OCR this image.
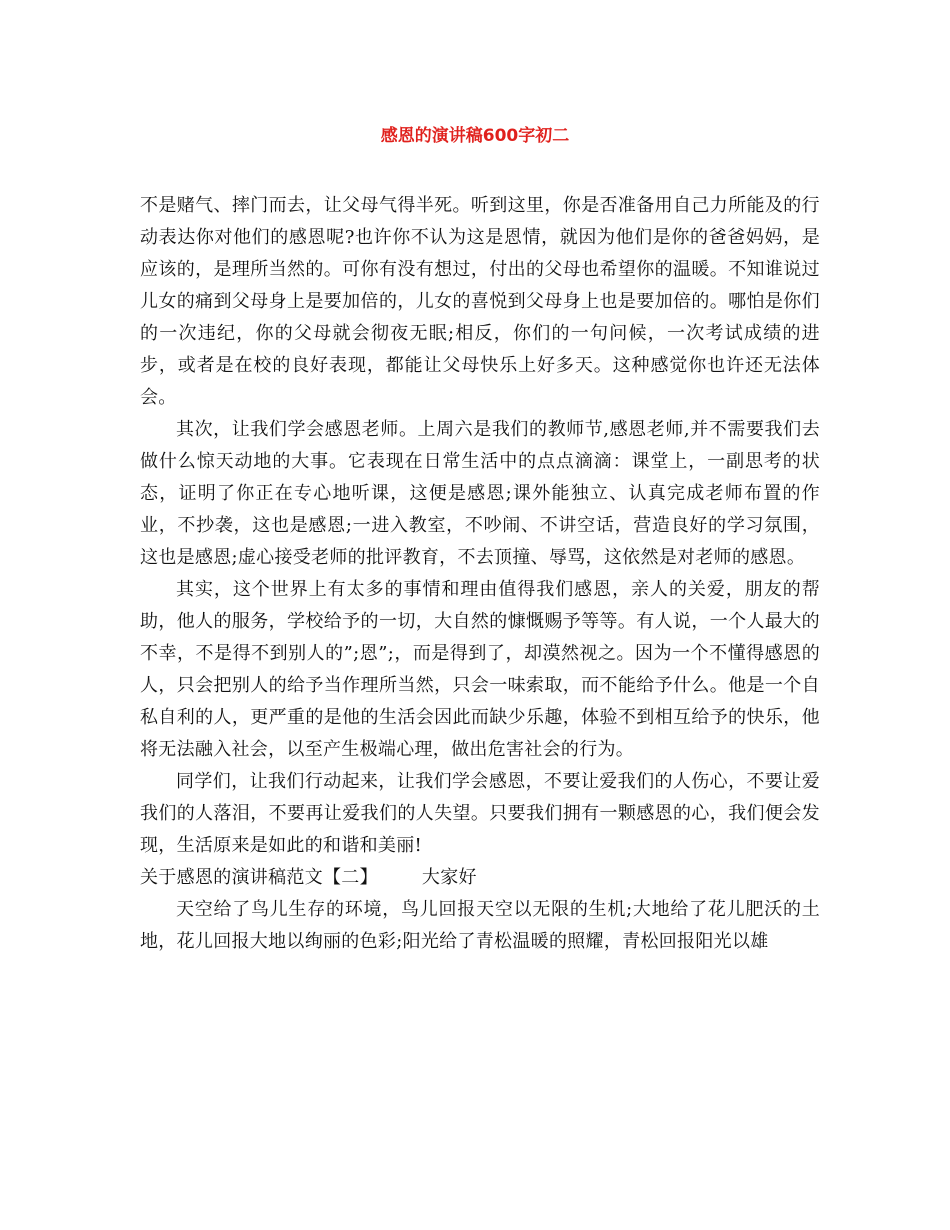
感恩的演讲稿600字初二

不是赌气、摔门而去，让父母气得半死。听到这里，你是否准备用自己力所能及的行动表达你对他们的感恩呢?也许你不认为这是恩情，就因为他们是你的爸爸妈妈，是应该的，是理所当然的。可你有没有想过，付出的父母也希望你的温暖。不知谁说过儿女的痛到父母身上是要加倍的，儿女的喜悦到父母身上也是要加倍的。哪怕是你们的一次违纪，你的父母就会彻夜无眠;相反，你们的一句问候，一次考试成绩的进步，或者是在校的良好表现，都能让父母快乐上好多天。这种感觉你也许还无法体会。

其次，让我们学会感恩老师。上周六是我们的教师节,感恩老师,并不需要我们去做什么惊天动地的大事。它表现在日常生活中的点点滴滴：课堂上，一副思考的状态，证明了你正在专心地听课，这便是感恩;课外能独立、认真完成老师布置的作业，不抄袭，这也是感恩;一进入教室，不吵闹、不讲空话，营造良好的学习氛围，这也是感恩;虚心接受老师的批评教育，不去顶撞、辱骂，这依然是对老师的感恩。

其实，这个世界上有太多的事情和理由值得我们感恩，亲人的关爱，朋友的帮助，他人的服务，学校给予的一切，大自然的慷慨赐予等等。有人说，一个人最大的不幸，不是得不到别人的”;恩”;，而是得到了，却漠然视之。因为一个不懂得感恩的人，只会把别人的给予当作理所当然，只会一味索取，而不能给予什么。他是一个自私自利的人，更严重的是他的生活会因此而缺少乐趣，体验不到相互给予的快乐，他将无法融入社会，以至产生极端心理，做出危害社会的行为。

同学们，让我们行动起来，让我们学会感恩，不要让爱我们的人伤心，不要让爱我们的人落泪，不要再让爱我们的人失望。只要我们拥有一颗感恩的心，我们便会发现，生活原来是如此的和谐和美丽!

关于感恩的演讲稿范文【二】 大家好

天空给了鸟儿生存的环境，鸟儿回报天空以无限的生机;大地给了花儿肥沃的土地，花儿回报大地以绚丽的色彩;阳光给了青松温暖的照耀，青松回报阳光以雄
